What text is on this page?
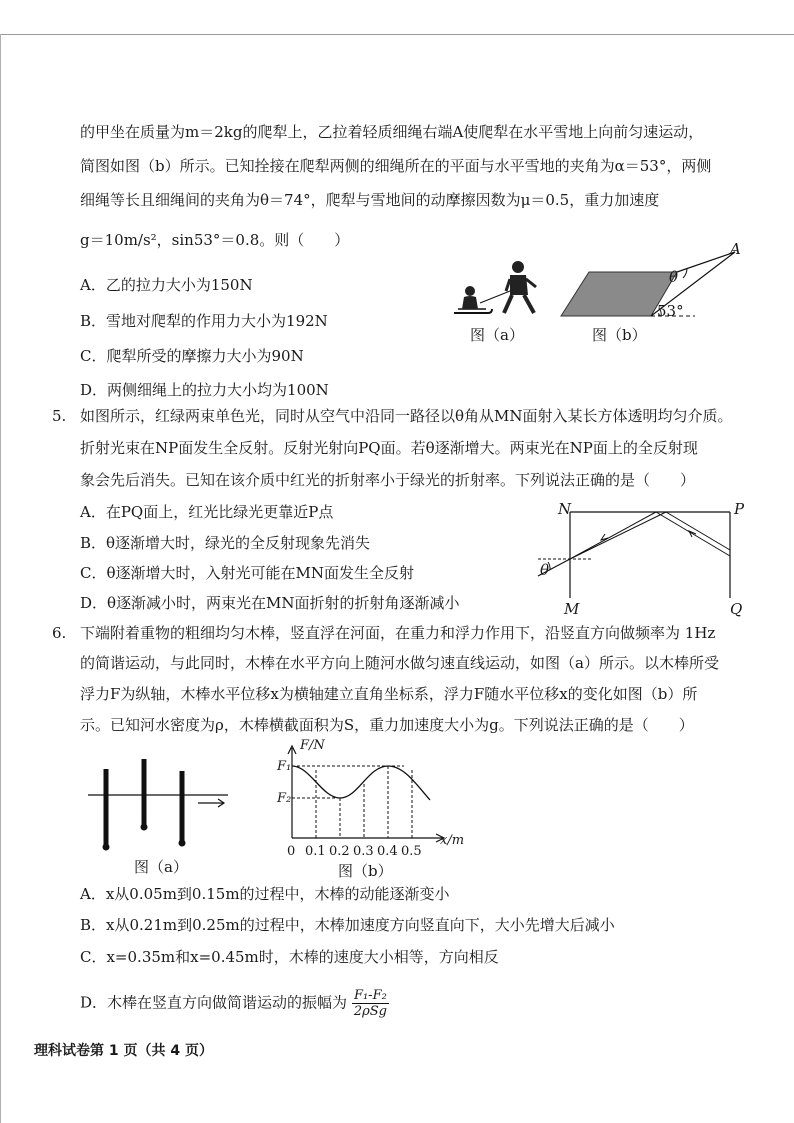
的甲坐在质量为m＝2kg的爬犁上，乙拉着轻质细绳右端A使爬犁在水平雪地上向前匀速运动，
简图如图（b）所示。已知拴接在爬犁两侧的细绳所在的平面与水平雪地的夹角为α＝53°，两侧
细绳等长且细绳间的夹角为θ＝74°，爬犁与雪地间的动摩擦因数为μ＝0.5，重力加速度
g＝10m/s²，sin53°＝0.8。则（　　）
A．乙的拉力大小为150N
B．雪地对爬犁的作用力大小为192N
C．爬犁所受的摩擦力大小为90N
D．两侧细绳上的拉力大小均为100N
图（a）
A
θ
53°
图（b）
5. 如图所示，红绿两束单色光，同时从空气中沿同一路径以θ角从MN面射入某长方体透明均匀介质。
折射光束在NP面发生全反射。反射光射向PQ面。若θ逐渐增大。两束光在NP面上的全反射现
象会先后消失。已知在该介质中红光的折射率小于绿光的折射率。下列说法正确的是（　　）
A．在PQ面上，红光比绿光更靠近P点
B．θ逐渐增大时，绿光的全反射现象先消失
C．θ逐渐增大时，入射光可能在MN面发生全反射
D．θ逐渐减小时，两束光在MN面折射的折射角逐渐减小
N	P
θ
M	Q
6. 下端附着重物的粗细均匀木棒，竖直浮在河面，在重力和浮力作用下，沿竖直方向做频率为 1Hz
的简谐运动，与此同时，木棒在水平方向上随河水做匀速直线运动，如图（a）所示。以木棒所受
浮力F为纵轴，木棒水平位移x为横轴建立直角坐标系，浮力F随水平位移x的变化如图（b）所
示。已知河水密度为ρ，木棒横截面积为S，重力加速度大小为g。下列说法正确的是（　　）
图（a）
F/N
F₁
F₂
x/m
0 0.1 0.2 0.3 0.4 0.5
图（b）
A．x从0.05m到0.15m的过程中，木棒的动能逐渐变小
B．x从0.21m到0.25m的过程中，木棒加速度方向竖直向下，大小先增大后减小
C．x=0.35m和x=0.45m时，木棒的速度大小相等，方向相反
D．木棒在竖直方向做简谐运动的振幅为 F₁-F₂
2ρSg
理科试卷第 1 页（共 4 页）
